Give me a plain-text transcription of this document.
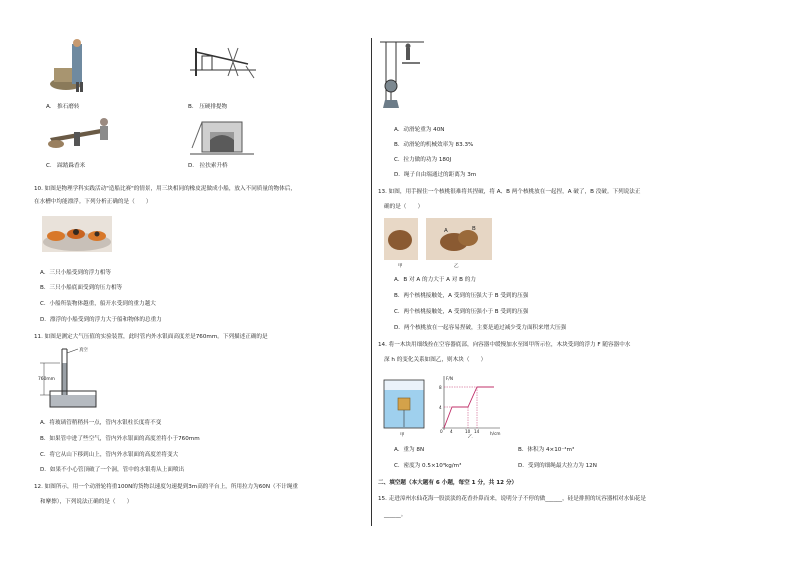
A.　推石磨转	B.　压硬排提物
C.　踩踏跺香米	D.　拉扶索升桥
10. 如图是物理学科实践活动"造船比赛"的情景，用三块相同的橡皮泥做成小船，放入不同质量的物体后，
在水槽中均能漂浮。下列分析正确的是（　　）
A．三只小船受到的浮力相等
B．三只小船底面受到的压力相等
C．小船所装物体越重，船开水受到的重力越大
D．漂浮的小船受到的浮力大于船和物体的总重力
11. 如图是测定大气压值的实验装置，此时管内外水银面高度差是760mm。下列描述正确的是
真空
760mm
A．将玻璃管稍稍抖一点，管内水银柱长度将不变
B．如果管中进了些空气，管内外水银面的高度差将小于760mm
C．将它从山下移到山上，管内外水银面的高度差将变大
D．如果不小心管顶破了一个洞，管中的水银将从上面喷出
12. 如图所示，用一个动滑轮将重100N的货物以速度匀速提到3m高的平台上，所用拉力为60N（不计绳重
和摩擦），下列说法正确的是（　　）
A．动滑轮重为 40N
B．动滑轮的机械效率为 83.3%
C．拉力做的功为 180J
D．绳子自由端通过的距离为 3m
13. 如图，用手握住一个核桃很难将其捏破，将 A、B 两个核桃放在一起捏，A 破了，B 没破。下列说法正
确的是（　　）
B
A
甲	乙
A．B 对 A 的力大于 A 对 B 的力
B．两个核桃接触处，A 受到的压强大于 B 受到的压强
C．两个核桃接触处，A 受到的压强小于 B 受到的压强
D．两个核桃放在一起容易捏破，主要是通过减少受力面积来增大压强
14. 将一木块用细线拴在空容器底部，向容器中缓慢加水至图甲所示位，木块受到的浮力 F 随容器中水
深 h 的变化关系如图乙，则木块（　　）
甲
F/N
h/cm
8
4
0 4	10 14
乙
A．重为 8N	B．体积为 4×10⁻⁴m³
C．密度为 0.5×10³kg/m³	D．受到的细绳最大拉力为 12N
二、填空题（本大题有 6 小题，每空 1 分，共 12 分）
15. 走进漳州水仙花海一股淡淡的花香扑鼻而来，说明分子不停的做______，硅是排照的坑容器相对水仙花是
______。
